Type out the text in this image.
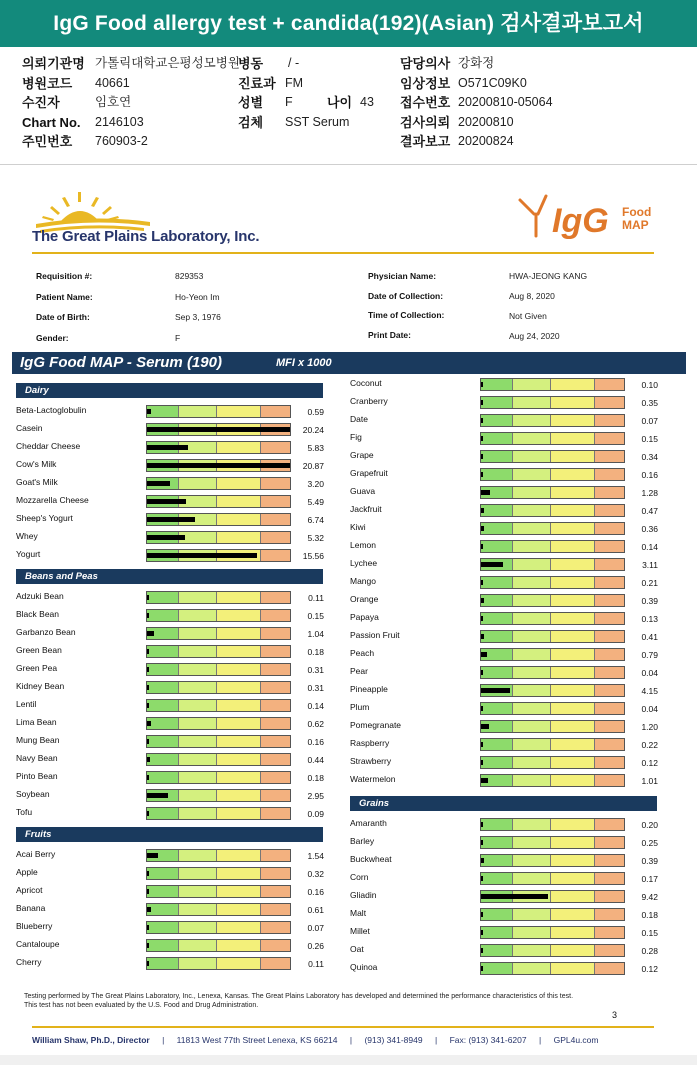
IgG Food allergy test + candida(192)(Asian) 검사결과보고서
의뢰기관명 가톨릭대학교은평성모병원
병동 / -	담당의사 강화정
병원코드 40661	진료과 FM	임상정보 O571C09K0
수진자	임호연	성별 F	나이 43 접수번호 20200810-05064
Chart No. 2146103	검체 SST Serum	검사의뢰 20200810
주민번호 760903-2	결과보고 20200824
The Great Plains Laboratory, Inc.	IgG Food
MAP
Requisition #:	829353
Patient Name:	Ho-Yeon Im
Date of Birth:	Sep 3, 1976
Gender:	F
Physician Name:	HWA-JEONG KANG
Date of Collection:	Aug 8, 2020
Time of Collection:	Not Given
Print Date:	Aug 24, 2020
IgG Food MAP - Serum (190)	MFI x 1000
Dairy
Beta-Lactoglobulin	0.59
Casein	20.24
Cheddar Cheese	5.83
Cow's Milk	20.87
Goat's Milk	3.20
Mozzarella Cheese	5.49
Sheep's Yogurt	6.74
Whey	5.32
Yogurt	15.56
Beans and Peas
Adzuki Bean	0.11
Black Bean	0.15
Garbanzo Bean	1.04
Green Bean	0.18
Green Pea	0.31
Kidney Bean	0.31
Lentil	0.14
Lima Bean	0.62
Mung Bean	0.16
Navy Bean	0.44
Pinto Bean	0.18
Soybean	2.95
Tofu	0.09
Fruits
Acai Berry	1.54
Apple	0.32
Apricot	0.16
Banana	0.61
Blueberry	0.07
Cantaloupe	0.26
Cherry	0.11
Coconut	0.10
Cranberry	0.35
Date	0.07
Fig	0.15
Grape	0.34
Grapefruit	0.16
Guava	1.28
Jackfruit	0.47
Kiwi	0.36
Lemon	0.14
Lychee	3.11
Mango	0.21
Orange	0.39
Papaya	0.13
Passion Fruit	0.41
Peach	0.79
Pear	0.04
Pineapple	4.15
Plum	0.04
Pomegranate	1.20
Raspberry	0.22
Strawberry	0.12
Watermelon	1.01
Grains
Amaranth	0.20
Barley	0.25
Buckwheat	0.39
Corn	0.17
Gliadin	9.42
Malt	0.18
Millet	0.15
Oat	0.28
Quinoa	0.12
Testing performed by The Great Plains Laboratory, Inc., Lenexa, Kansas. The Great Plains Laboratory has developed and determined the performance characteristics of this test. This test has not been evaluated by the U.S. Food and Drug Administration.
3
William Shaw, Ph.D., Director | 11813 West 77th Street Lenexa, KS 66214 | (913) 341-8949 | Fax: (913) 341-6207 | GPL4u.com
